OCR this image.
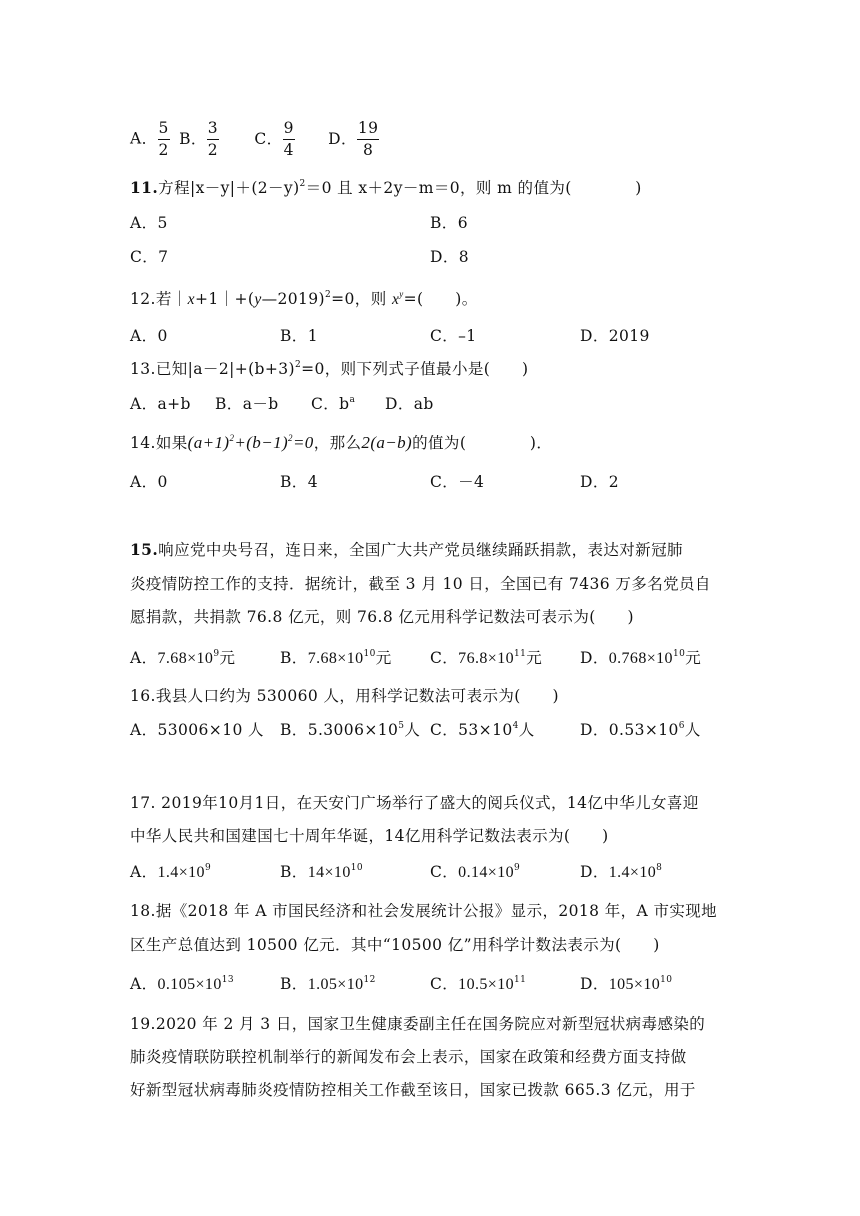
A． $\frac{5}{2}$ B． $\frac{3}{2}$ C． $\frac{9}{4}$ D． $\frac{19}{8}$
11.方程$|x-y|+(2-y)^2=0$ 且 x＋2y－m＝0，则 m 的值为(　　　　)
A．5	B．6
C．7	D．8
12.若｜x+1｜+(y—2019)$^2$=0，则 $x^y=$(　　)。
A．0	B．1	C．–1	D．2019
13.已知$|a-2|+(b+3)^2=0$，则下列式子值最小是(　　)
A．a+b B．a－b C．$b^a$ D．ab
14.如果$(a+1)^2+(b-1)^2=0$，那么2(a−b)的值为(　　　　)．
A．0	B．4	C．－4	D．2
15.响应党中央号召，连日来，全国广大共产党员继续踊跃捐款，表达对新冠肺
炎疫情防控工作的支持．据统计，截至 3 月 10 日，全国已有 7436 万多名党员自
愿捐款，共捐款 76.8 亿元，则 76.8 亿元用科学记数法可表示为(　　)
A．$7.68\times 10^9$元	B．$7.68\times 10^{10}$元 C．$76.8\times 10^{11}$元 D．$0.768\times 10^{10}$元
16.我县人口约为 530060 人，用科学记数法可表示为(　　)
A．53006×10 人 B．$5.3006\times 10^5$人 C．$53\times 10^4$人	D．$0.53\times 10^6$人
17. 2019年10月1日，在天安门广场举行了盛大的阅兵仪式，14亿中华儿女喜迎
中华人民共和国建国七十周年华诞，14亿用科学记数法表示为(　　)
A．$1.4\times 10^9$	B．$14\times 10^{10}$	C．$0.14\times 10^9$	D．$1.4\times 10^8$
18.据《2018 年 A 市国民经济和社会发展统计公报》显示，2018 年，A 市实现地
区生产总值达到 10500 亿元．其中“10500 亿”用科学计数法表示为(　　)
A．$0.105\times 10^{13}$	B．$1.05\times 10^{12}$	C．$10.5\times 10^{11}$	D．$105\times 10^{10}$
19.2020 年 2 月 3 日，国家卫生健康委副主任在国务院应对新型冠状病毒感染的
肺炎疫情联防联控机制举行的新闻发布会上表示，国家在政策和经费方面支持做
好新型冠状病毒肺炎疫情防控相关工作截至该日，国家已拨款 665.3 亿元，用于
